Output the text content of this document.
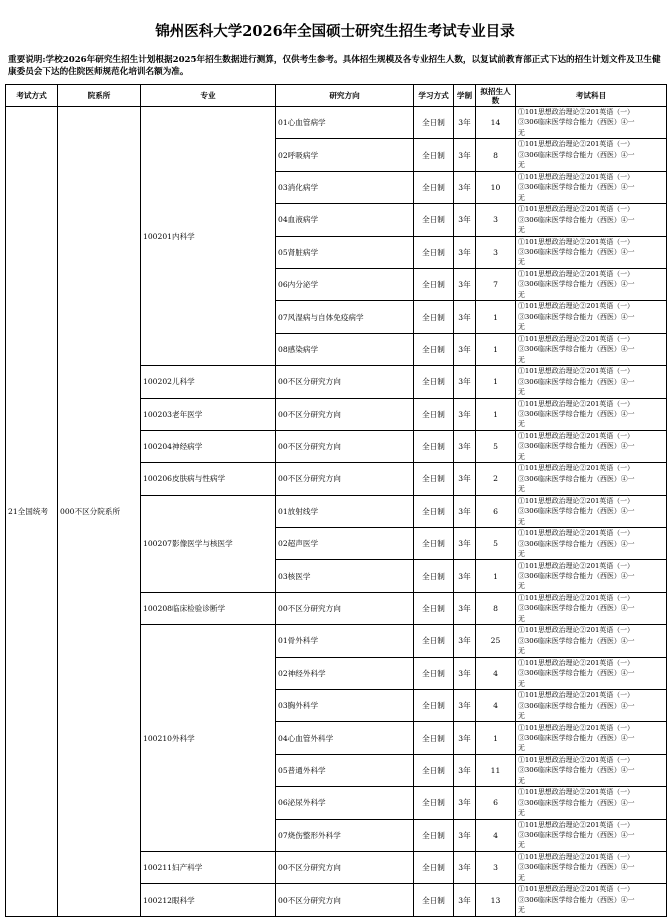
锦州医科大学2026年全国硕士研究生招生考试专业目录
重要说明:学校2026年研究生招生计划根据2025年招生数据进行测算，仅供考生参考。具体招生规模及各专业招生人数，以复试前教育部正式下达的招生计划文件及卫生健康委员会下达的住院医师规范化培训名额为准。
考试方式	院系所	专业	研究方向	学习方式	学制	拟招生人数	考试科目
21全国统考	000不区分院系所	100201内科学	01心血管病学	全日制	3年	14	①101思想政治理论②201英语（一）
③306临床医学综合能力（西医）④一
无

			02呼吸病学	全日制	3年	8	①101思想政治理论②201英语（一）
③306临床医学综合能力（西医）④一
无

			03消化病学	全日制	3年	10	①101思想政治理论②201英语（一）
③306临床医学综合能力（西医）④一
无

			04血液病学	全日制	3年	3	①101思想政治理论②201英语（一）
③306临床医学综合能力（西医）④一
无

			05肾脏病学	全日制	3年	3	①101思想政治理论②201英语（一）
③306临床医学综合能力（西医）④一
无

			06内分泌学	全日制	3年	7	①101思想政治理论②201英语（一）
③306临床医学综合能力（西医）④一
无

			07风湿病与自体免疫病学	全日制	3年	1	①101思想政治理论②201英语（一）
③306临床医学综合能力（西医）④一
无

			08感染病学	全日制	3年	1	①101思想政治理论②201英语（一）
③306临床医学综合能力（西医）④一
无

		100202儿科学	00不区分研究方向	全日制	3年	1	①101思想政治理论②201英语（一）
③306临床医学综合能力（西医）④一
无

		100203老年医学	00不区分研究方向	全日制	3年	1	①101思想政治理论②201英语（一）
③306临床医学综合能力（西医）④一
无

		100204神经病学	00不区分研究方向	全日制	3年	5	①101思想政治理论②201英语（一）
③306临床医学综合能力（西医）④一
无

		100206皮肤病与性病学	00不区分研究方向	全日制	3年	2	①101思想政治理论②201英语（一）
③306临床医学综合能力（西医）④一
无

		100207影像医学与核医学	01放射线学	全日制	3年	6	①101思想政治理论②201英语（一）
③306临床医学综合能力（西医）④一
无

			02超声医学	全日制	3年	5	①101思想政治理论②201英语（一）
③306临床医学综合能力（西医）④一
无

			03核医学	全日制	3年	1	①101思想政治理论②201英语（一）
③306临床医学综合能力（西医）④一
无

		100208临床检验诊断学	00不区分研究方向	全日制	3年	8	①101思想政治理论②201英语（一）
③306临床医学综合能力（西医）④一
无

		100210外科学	01骨外科学	全日制	3年	25	①101思想政治理论②201英语（一）
③306临床医学综合能力（西医）④一
无

			02神经外科学	全日制	3年	4	①101思想政治理论②201英语（一）
③306临床医学综合能力（西医）④一
无

			03胸外科学	全日制	3年	4	①101思想政治理论②201英语（一）
③306临床医学综合能力（西医）④一
无

			04心血管外科学	全日制	3年	1	①101思想政治理论②201英语（一）
③306临床医学综合能力（西医）④一
无

			05普通外科学	全日制	3年	11	①101思想政治理论②201英语（一）
③306临床医学综合能力（西医）④一
无

			06泌尿外科学	全日制	3年	6	①101思想政治理论②201英语（一）
③306临床医学综合能力（西医）④一
无

			07烧伤整形外科学	全日制	3年	4	①101思想政治理论②201英语（一）
③306临床医学综合能力（西医）④一
无

		100211妇产科学	00不区分研究方向	全日制	3年	3	①101思想政治理论②201英语（一）
③306临床医学综合能力（西医）④一
无

		100212眼科学	00不区分研究方向	全日制	3年	13	①101思想政治理论②201英语（一）
③306临床医学综合能力（西医）④一
无
